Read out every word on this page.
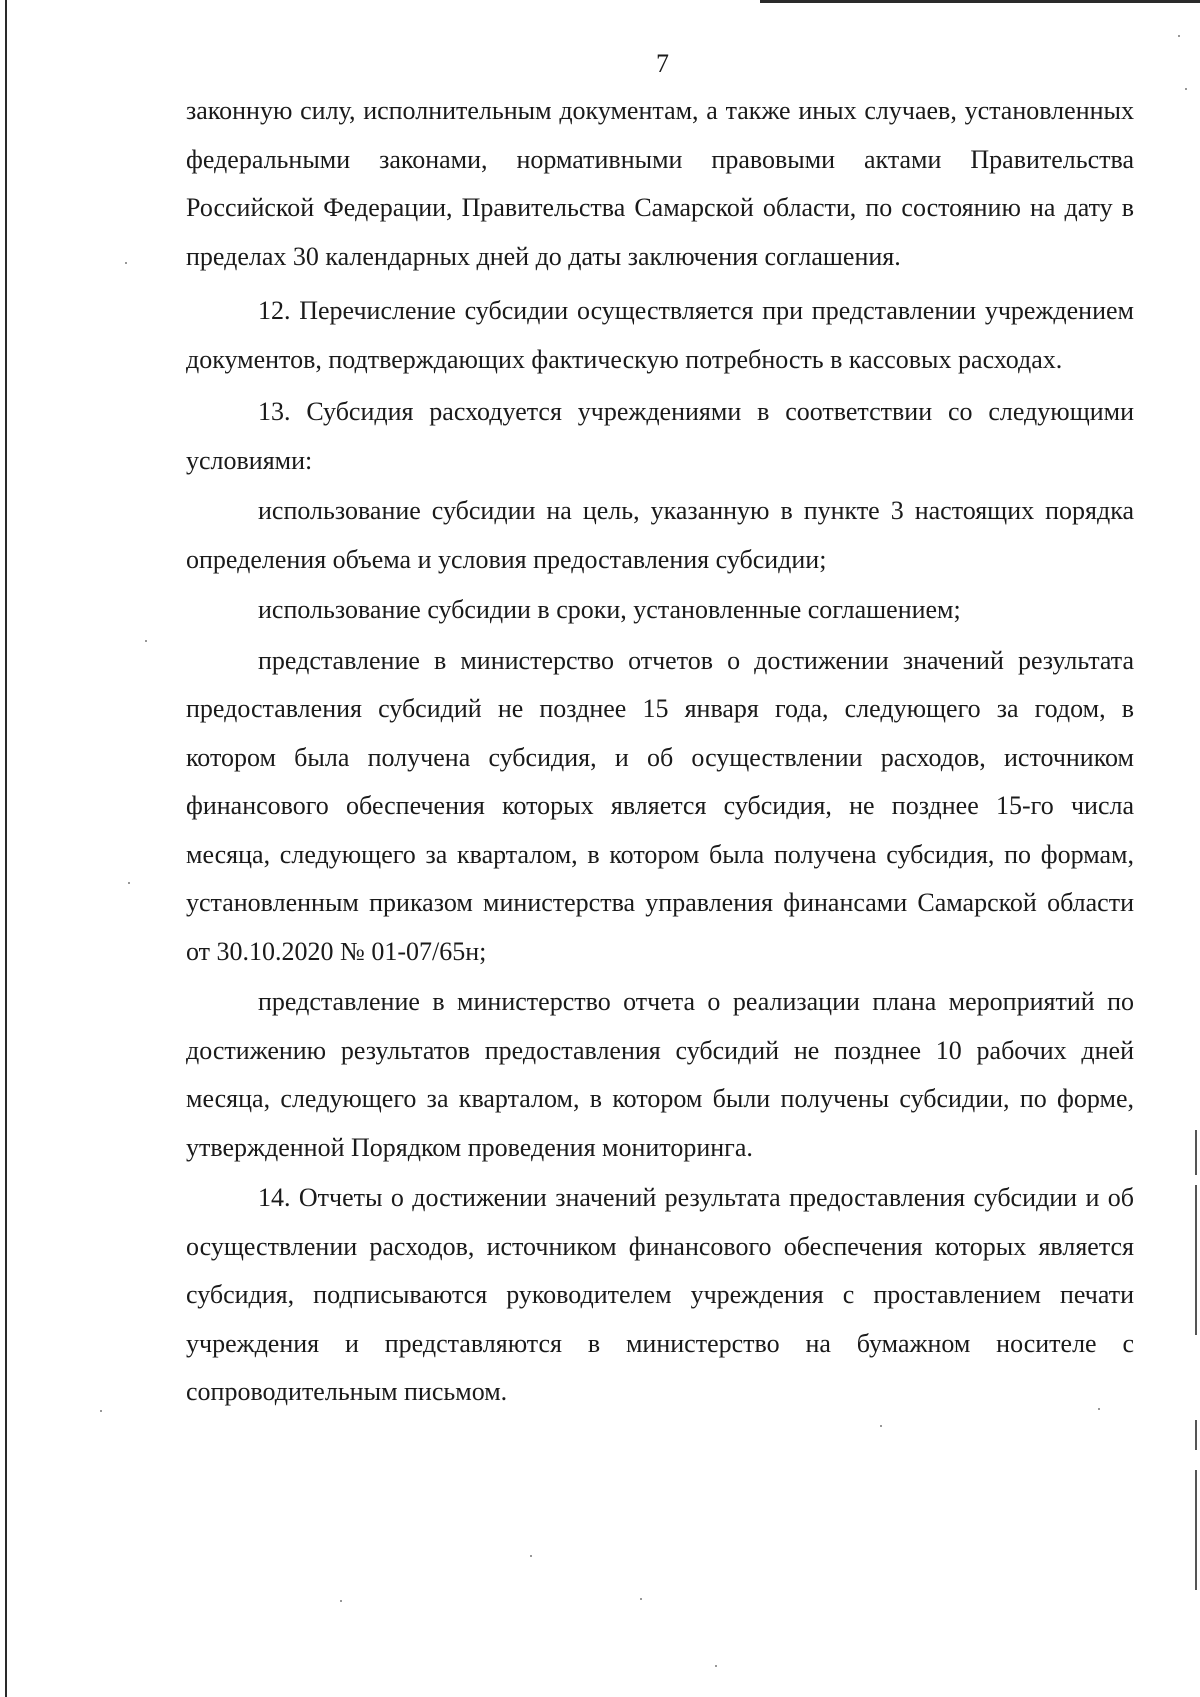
7

законную силу, исполнительным документам, а также иных случаев, установленных федеральными законами, нормативными правовыми актами Правительства Российской Федерации, Правительства Самарской области, по состоянию на дату в пределах 30 календарных дней до даты заключения соглашения.

12. Перечисление субсидии осуществляется при представлении учреждением документов, подтверждающих фактическую потребность в кассовых расходах.

13. Субсидия расходуется учреждениями в соответствии со следующими условиями:

использование субсидии на цель, указанную в пункте 3 настоящих порядка определения объема и условия предоставления субсидии;

использование субсидии в сроки, установленные соглашением;

представление в министерство отчетов о достижении значений результата предоставления субсидий не позднее 15 января года, следующего за годом, в котором была получена субсидия, и об осуществлении расходов, источником финансового обеспечения которых является субсидия, не позднее 15-го числа месяца, следующего за кварталом, в котором была получена субсидия, по формам, установленным приказом министерства управления финансами Самарской области от 30.10.2020 № 01-07/65н;

представление в министерство отчета о реализации плана мероприятий по достижению результатов предоставления субсидий не позднее 10 рабочих дней месяца, следующего за кварталом, в котором были получены субсидии, по форме, утвержденной Порядком проведения мониторинга.

14. Отчеты о достижении значений результата предоставления субсидии и об осуществлении расходов, источником финансового обеспечения которых является субсидия, подписываются руководителем учреждения с проставлением печати учреждения и представляются в министерство на бумажном носителе с сопроводительным письмом.
